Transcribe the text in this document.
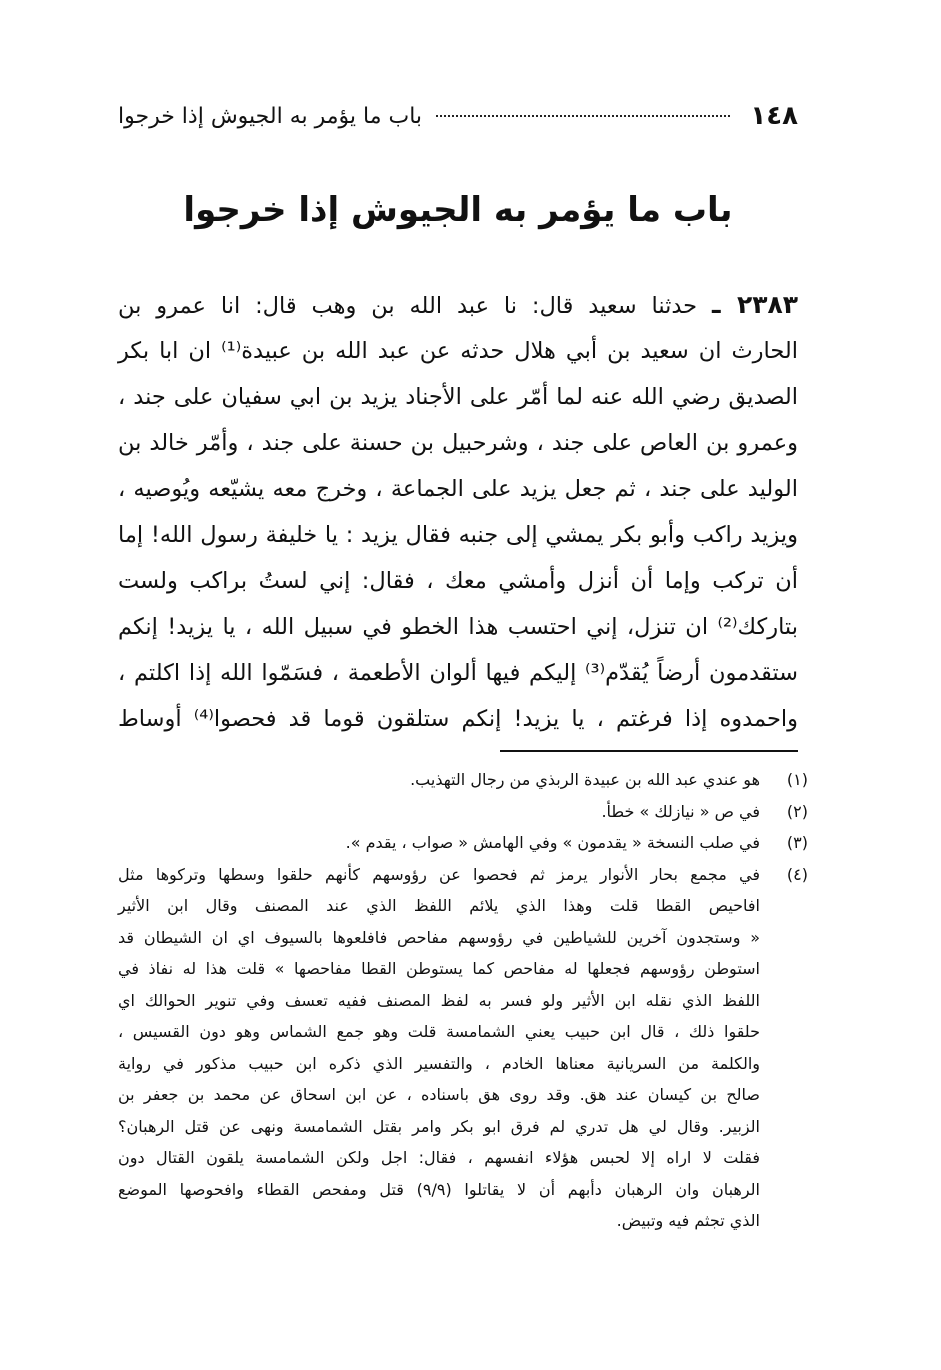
١٤٨
باب ما يؤمر به الجيوش إذا خرجوا
باب ما يؤمر به الجيوش إذا خرجوا
٢٣٨٣ ـ حدثنا سعيد قال: نا عبد الله بن وهب قال: انا عمرو بن
الحارث ان سعيد بن أبي هلال حدثه عن عبد الله بن عبيدة⁽¹⁾ ان ابا بكر
الصديق رضي الله عنه لما أمّر على الأجناد يزيد بن ابي سفيان على جند ،
وعمرو بن العاص على جند ، وشرحبيل بن حسنة على جند ، وأمّر خالد بن
الوليد على جند ، ثم جعل يزيد على الجماعة ، وخرج معه يشيّعه ويُوصيه ،
ويزيد راكب وأبو بكر يمشي إلى جنبه فقال يزيد : يا خليفة رسول الله! إما
أن تركب وإما أن أنزل وأمشي معك ، فقال: إني لستُ براكب ولست
بتاركك⁽²⁾ ان تنزل، إني احتسب هذا الخطو في سبيل الله ، يا يزيد! إنكم
ستقدمون أرضاً يُقدّم⁽³⁾ إليكم فيها ألوان الأطعمة ، فسَمّوا الله إذا اكلتم ،
واحمدوه إذا فرغتم ، يا يزيد! إنكم ستلقون قوما قد فحصوا⁽⁴⁾ أوساط
(١)
هو عندي عبد الله بن عبيدة الربذي من رجال التهذيب.
(٢)
في ص « نيازلك » خطأ.
(٣)
في صلب النسخة « يقدمون » وفي الهامش « صواب ، يقدم ».
(٤)
في مجمع بحار الأنوار يرمز ثم فحصوا عن رؤوسهم كأنهم حلقوا وسطها وتركوها مثل
افاحيص القطا قلت وهذا الذي يلائم اللفظ الذي عند المصنف وقال ابن الأثير
« وستجدون آخرين للشياطين في رؤوسهم مفاحص فافلعوها بالسيوف اي ان الشيطان قد
استوطن رؤوسهم فجعلها له مفاحص كما يستوطن القطا مفاحصها » قلت هذا له نفاذ في
اللفظ الذي نقله ابن الأثير ولو فسر به لفظ المصنف ففيه تعسف وفي تنوير الحوالك اي
حلقوا ذلك ، قال ابن حبيب يعني الشمامسة قلت وهو جمع الشماس وهو دون القسيس ،
والكلمة من السريانية معناها الخادم ، والتفسير الذي ذكره ابن حبيب مذكور في رواية
صالح بن كيسان عند هق. وقد روى هق باسناده ، عن ابن اسحاق عن محمد بن جعفر بن
الزبير. وقال لي هل تدري لم فرق ابو بكر وامر بقتل الشمامسة ونهى عن قتل الرهبان؟
فقلت لا اراه إلا لحبس هؤلاء انفسهم ، فقال: اجل ولكن الشمامسة يلقون القتال دون
الرهبان وان الرهبان دأبهم أن لا يقاتلوا (٩/٩) قتل ومفحص القطاء وافحوصها الموضع
الذي تجثم فيه وتبيض.
